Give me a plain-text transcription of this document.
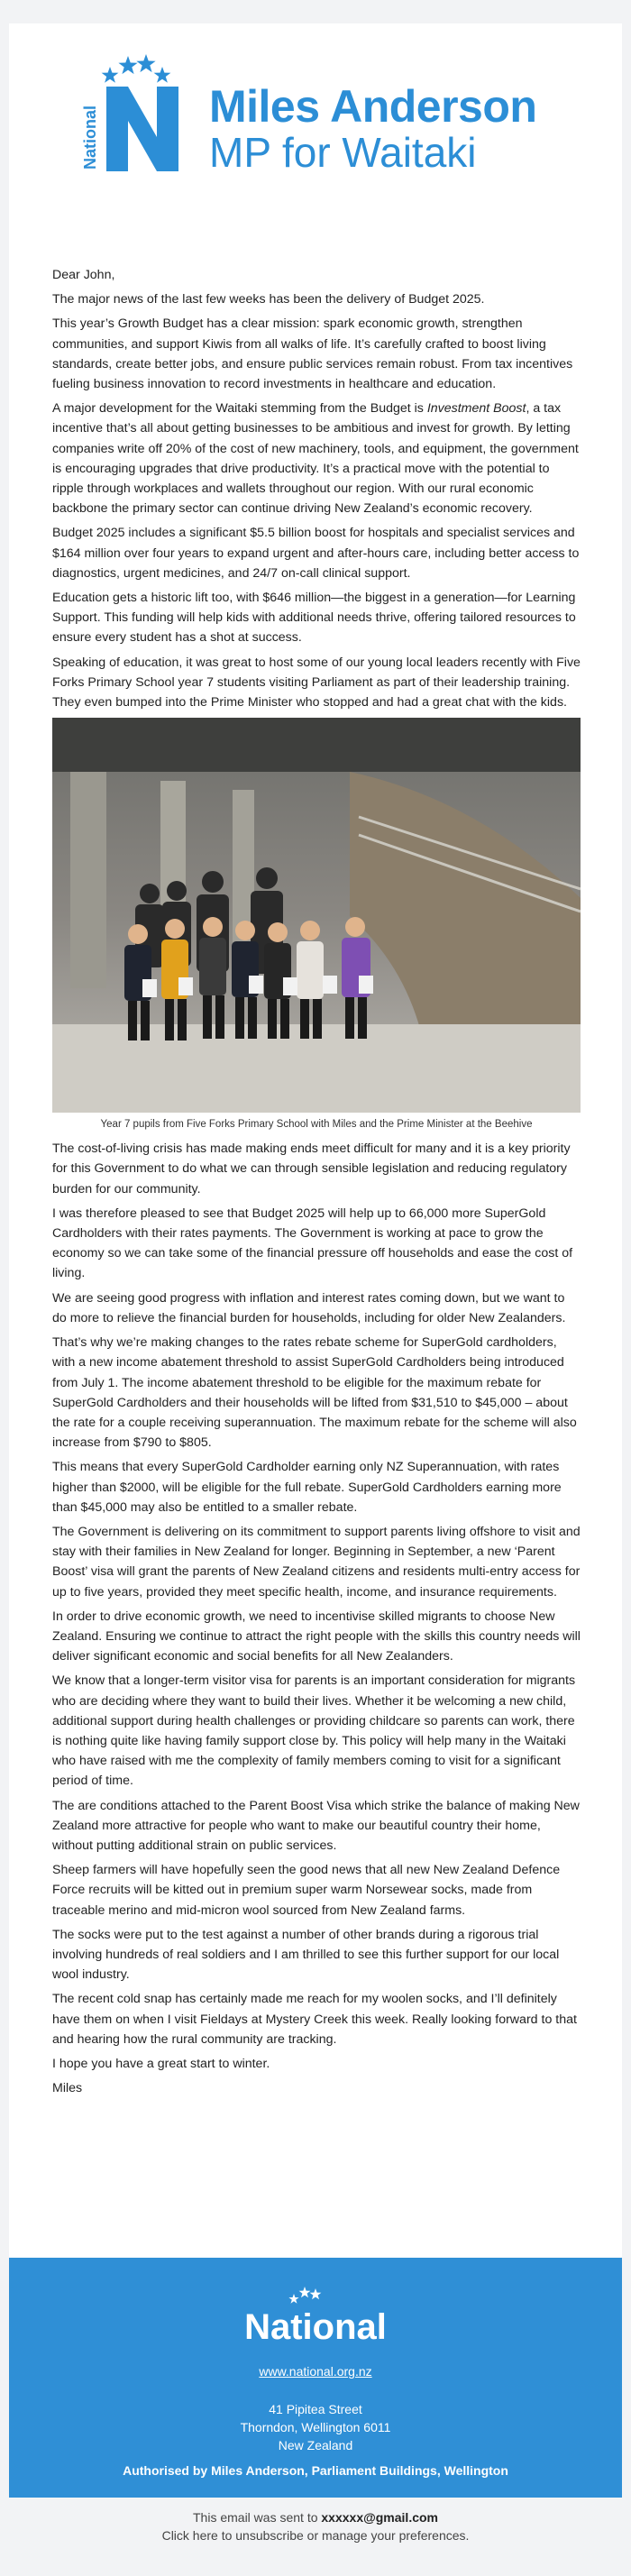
National Miles Anderson
MP for Waitaki

Dear John,

The major news of the last few weeks has been the delivery of Budget 2025.

This year’s Growth Budget has a clear mission: spark economic growth, strengthen communities, and support Kiwis from all walks of life. It’s carefully crafted to boost living standards, create better jobs, and ensure public services remain robust. From tax incentives fueling business innovation to record investments in healthcare and education.

A major development for the Waitaki stemming from the Budget is Investment Boost, a tax incentive that’s all about getting businesses to be ambitious and invest for growth. By letting companies write off 20% of the cost of new machinery, tools, and equipment, the government is encouraging upgrades that drive productivity. It’s a practical move with the potential to ripple through workplaces and wallets throughout our region. With our rural economic backbone the primary sector can continue driving New Zealand’s economic recovery.

Budget 2025 includes a significant $5.5 billion boost for hospitals and specialist services and $164 million over four years to expand urgent and after-hours care, including better access to diagnostics, urgent medicines, and 24/7 on-call clinical support.

Education gets a historic lift too, with $646 million—the biggest in a generation—for Learning Support. This funding will help kids with additional needs thrive, offering tailored resources to ensure every student has a shot at success.

Speaking of education, it was great to host some of our young local leaders recently with Five Forks Primary School year 7 students visiting Parliament as part of their leadership training. They even bumped into the Prime Minister who stopped and had a great chat with the kids.

Year 7 pupils from Five Forks Primary School with Miles and the Prime Minister at the Beehive

The cost-of-living crisis has made making ends meet difficult for many and it is a key priority for this Government to do what we can through sensible legislation and reducing regulatory burden for our community.

I was therefore pleased to see that Budget 2025 will help up to 66,000 more SuperGold Cardholders with their rates payments. The Government is working at pace to grow the economy so we can take some of the financial pressure off households and ease the cost of living.

We are seeing good progress with inflation and interest rates coming down, but we want to do more to relieve the financial burden for households, including for older New Zealanders.

That’s why we’re making changes to the rates rebate scheme for SuperGold cardholders, with a new income abatement threshold to assist SuperGold Cardholders being introduced from July 1. The income abatement threshold to be eligible for the maximum rebate for SuperGold Cardholders and their households will be lifted from $31,510 to $45,000 – about the rate for a couple receiving superannuation. The maximum rebate for the scheme will also increase from $790 to $805.

This means that every SuperGold Cardholder earning only NZ Superannuation, with rates higher than $2000, will be eligible for the full rebate. SuperGold Cardholders earning more than $45,000 may also be entitled to a smaller rebate.

The Government is delivering on its commitment to support parents living offshore to visit and stay with their families in New Zealand for longer. Beginning in September, a new ‘Parent Boost’ visa will grant the parents of New Zealand citizens and residents multi-entry access for up to five years, provided they meet specific health, income, and insurance requirements.

In order to drive economic growth, we need to incentivise skilled migrants to choose New Zealand. Ensuring we continue to attract the right people with the skills this country needs will deliver significant economic and social benefits for all New Zealanders.

We know that a longer-term visitor visa for parents is an important consideration for migrants who are deciding where they want to build their lives. Whether it be welcoming a new child, additional support during health challenges or providing childcare so parents can work, there is nothing quite like having family support close by. This policy will help many in the Waitaki who have raised with me the complexity of family members coming to visit for a significant period of time.

The are conditions attached to the Parent Boost Visa which strike the balance of making New Zealand more attractive for people who want to make our beautiful country their home, without putting additional strain on public services.

Sheep farmers will have hopefully seen the good news that all new New Zealand Defence Force recruits will be kitted out in premium super warm Norsewear socks, made from traceable merino and mid-micron wool sourced from New Zealand farms.

The socks were put to the test against a number of other brands during a rigorous trial involving hundreds of real soldiers and I am thrilled to see this further support for our local wool industry.

The recent cold snap has certainly made me reach for my woolen socks, and I’ll definitely have them on when I visit Fieldays at Mystery Creek this week. Really looking forward to that and hearing how the rural community are tracking.

I hope you have a great start to winter.

Miles

National
www.national.org.nz
41 Pipitea Street
Thorndon, Wellington 6011
New Zealand
Authorised by Miles Anderson, Parliament Buildings, Wellington
This email was sent to xxxxxx@gmail.com
Click here to unsubscribe or manage your preferences.
